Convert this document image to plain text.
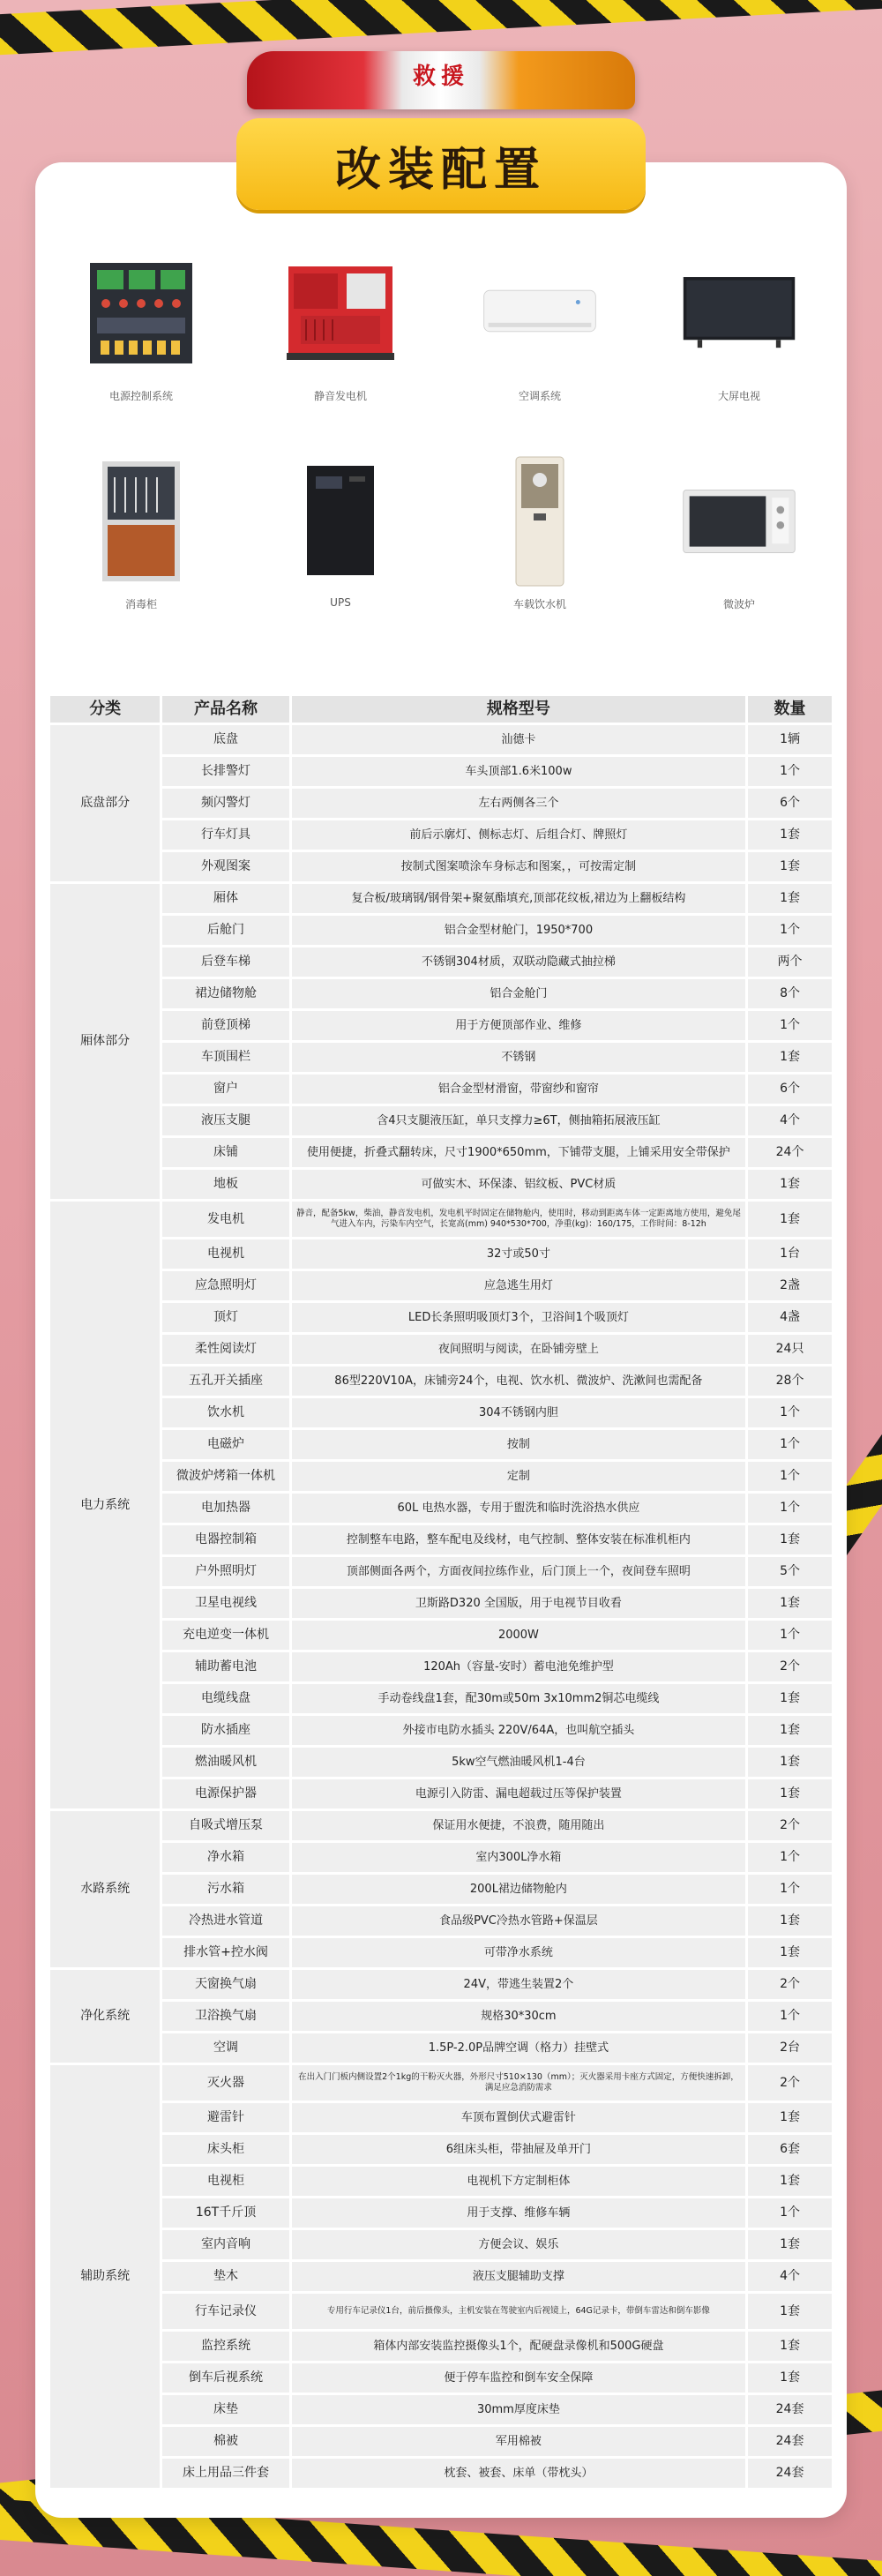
救援
改装配置
电源控制系统	静音发电机	空调系统	大屏电视
消毒柜	UPS	车载饮水机	微波炉
分类	产品名称	规格型号	数量
底盘部分	底盘	汕德卡	1辆
	长排警灯	车头顶部1.6米100w	1个
	频闪警灯	左右两侧各三个	6个
	行车灯具	前后示廓灯、侧标志灯、后组合灯、牌照灯	1套
	外观图案	按制式图案喷涂车身标志和图案，，可按需定制	1套
厢体部分	厢体	复合板/玻璃钢/钢骨架+聚氨酯填充,顶部花纹板,裙边为上翻板结构	1套
	后舱门	铝合金型材舱门，1950*700	1个
	后登车梯	不锈钢304材质，双联动隐藏式抽拉梯	两个
	裙边储物舱	铝合金舱门	8个
	前登顶梯	用于方便顶部作业、维修	1个
	车顶围栏	不锈钢	1套
	窗户	铝合金型材滑窗，带窗纱和窗帘	6个
	液压支腿	含4只支腿液压缸，单只支撑力≥6T，侧抽箱拓展液压缸	4个
	床铺	使用便捷，折叠式翻转床，尺寸1900*650mm，下铺带支腿，上铺采用安全带保护	24个
	地板	可做实木、环保漆、铝纹板、PVC材质	1套
电力系统	发电机	静音，配备5kw，柴油，静音发电机，发电机平时固定在储物舱内，使用时，移动到距离车体一定距离地方使用，避免尾气进入车内，污染车内空气，长宽高(mm) 940*530*700，净重(kg)：160/175，工作时间：8-12h	1套
	电视机	32寸或50寸	1台
	应急照明灯	应急逃生用灯	2盏
	顶灯	LED长条照明吸顶灯3个，卫浴间1个吸顶灯	4盏
	柔性阅读灯	夜间照明与阅读，在卧铺旁壁上	24只
	五孔开关插座	86型220V10A，床铺旁24个，电视、饮水机、微波炉、洗漱间也需配备	28个
	饮水机	304不锈钢内胆	1个
	电磁炉	按制	1个
	微波炉烤箱一体机	定制	1个
	电加热器	60L 电热水器，专用于盥洗和临时洗浴热水供应	1个
	电器控制箱	控制整车电路，整车配电及线材，电气控制、整体安装在标准机柜内	1套
	户外照明灯	顶部侧面各两个，方面夜间拉练作业，后门顶上一个，夜间登车照明	5个
	卫星电视线	卫斯路D320 全国版，用于电视节目收看	1套
	充电逆变一体机	2000W	1个
	辅助蓄电池	120Ah（容量-安时）蓄电池免维护型	2个
	电缆线盘	手动卷线盘1套，配30m或50m 3x10mm2铜芯电缆线	1套
	防水插座	外接市电防水插头 220V/64A，也叫航空插头	1套
	燃油暖风机	5kw空气燃油暖风机1-4台	1套
	电源保护器	电源引入防雷、漏电超载过压等保护装置	1套
水路系统	自吸式增压泵	保证用水便捷，不浪费，随用随出	2个
	净水箱	室内300L净水箱	1个
	污水箱	200L裙边储物舱内	1个
	冷热进水管道	食品级PVC冷热水管路+保温层	1套
	排水管+控水阀	可带净水系统	1套
净化系统	天窗换气扇	24V，带逃生装置2个	2个
	卫浴换气扇	规格30*30cm	1个
	空调	1.5P-2.0P品牌空调（格力）挂壁式	2台
辅助系统	灭火器	在出入门门板内侧设置2个1kg的干粉灭火器，外形尺寸510×130（mm）；灭火器采用卡座方式固定，方便快速拆卸，满足应急消防需求	2个
	避雷针	车顶布置倒伏式避雷针	1套
	床头柜	6组床头柜，带抽屉及单开门	6套
	电视柜	电视机下方定制柜体	1套
	16T千斤顶	用于支撑、维修车辆	1个
	室内音响	方便会议、娱乐	1套
	垫木	液压支腿辅助支撑	4个
	行车记录仪	专用行车记录仪1台，前后摄像头，主机安装在驾驶室内后视镜上，64G记录卡，带倒车雷达和倒车影像	1套
	监控系统	箱体内部安装监控摄像头1个，配硬盘录像机和500G硬盘	1套
	倒车后视系统	便于停车监控和倒车安全保障	1套
	床垫	30mm厚度床垫	24套
	棉被	军用棉被	24套
	床上用品三件套	枕套、被套、床单（带枕头）	24套
